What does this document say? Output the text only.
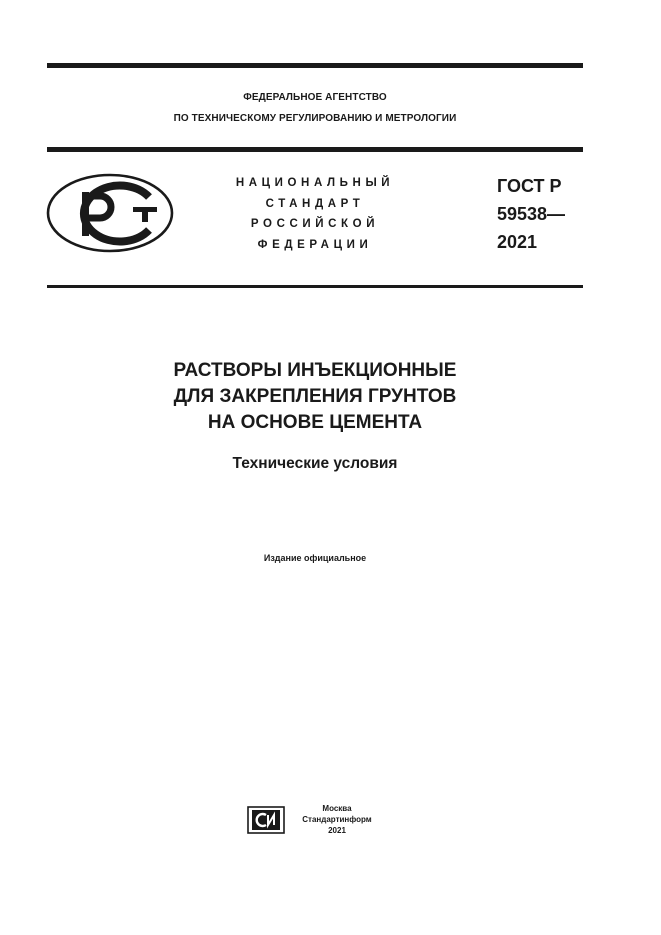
ФЕДЕРАЛЬНОЕ АГЕНТСТВО
ПО ТЕХНИЧЕСКОМУ РЕГУЛИРОВАНИЮ И МЕТРОЛОГИИ
НАЦИОНАЛЬНЫЙ
СТАНДАРТ
РОССИЙСКОЙ
ФЕДЕРАЦИИ
ГОСТ Р
59538—
2021
РАСТВОРЫ ИНЪЕКЦИОННЫЕ
ДЛЯ ЗАКРЕПЛЕНИЯ ГРУНТОВ
НА ОСНОВЕ ЦЕМЕНТА
Технические условия
Издание официальное
Москва
Стандартинформ
2021
